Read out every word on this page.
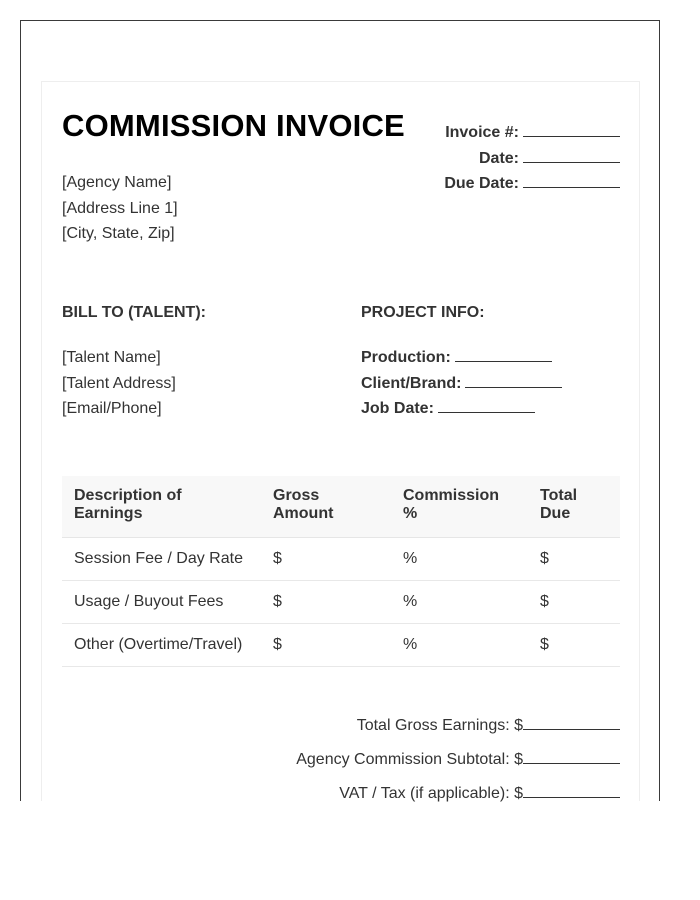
COMMISSION INVOICE	Invoice #:
Date:
Due Date:
[Agency Name]
[Address Line 1]
[City, State, Zip]
BILL TO (TALENT):	PROJECT INFO:
[Talent Name]
[Talent Address]
[Email/Phone]
Production:
Client/Brand:
Job Date:
Description of Earnings	Gross Amount	Commission %	Total Due
Session Fee / Day Rate	$	%	$
Usage / Buyout Fees	$	%	$
Other (Overtime/Travel)	$	%	$
Total Gross Earnings: $
Agency Commission Subtotal: $
VAT / Tax (if applicable): $
